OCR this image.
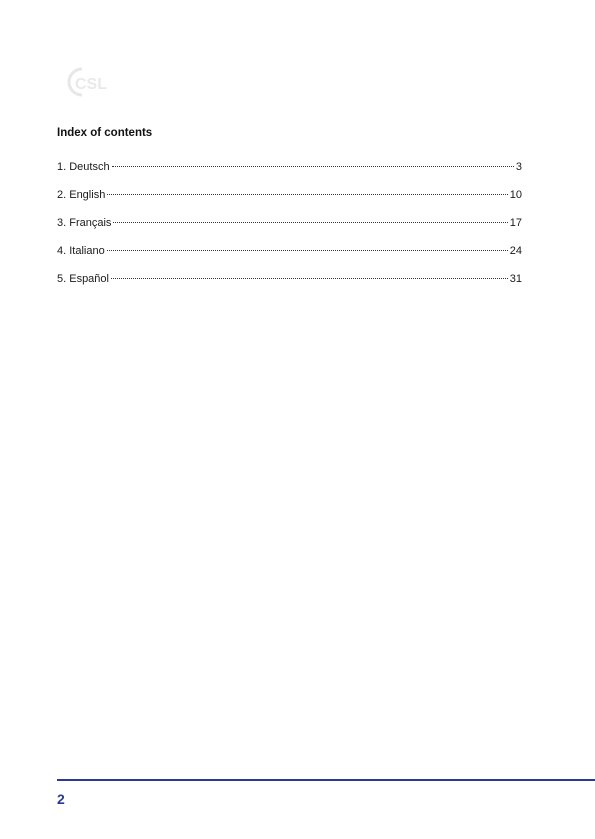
CSL
Index of contents
1. Deutsch	3
2. English	10
3. Français	17
4. Italiano	24
5. Español	31
2
